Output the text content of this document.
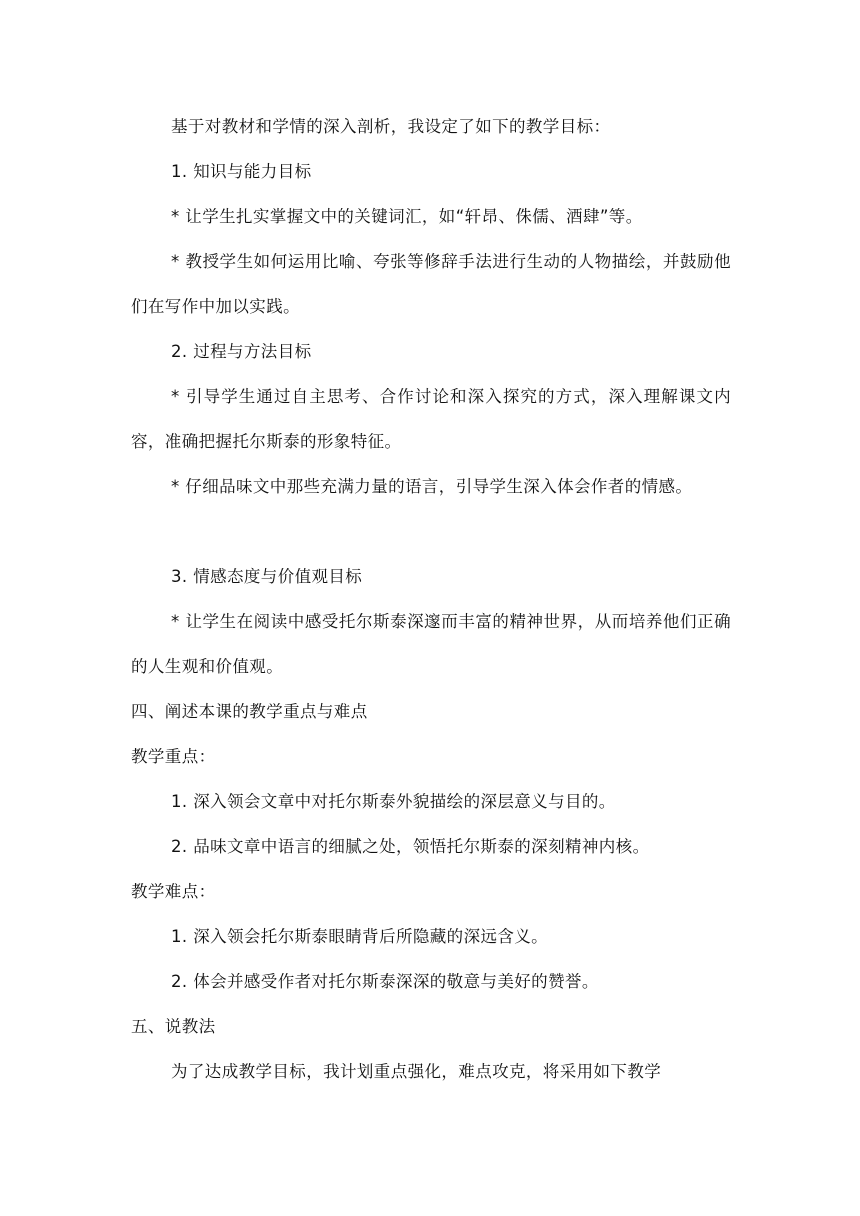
基于对教材和学情的深入剖析，我设定了如下的教学目标：

1. 知识与能力目标

* 让学生扎实掌握文中的关键词汇，如“轩昂、侏儒、酒肆”等。

* 教授学生如何运用比喻、夸张等修辞手法进行生动的人物描绘，并鼓励他们在写作中加以实践。

2. 过程与方法目标

* 引导学生通过自主思考、合作讨论和深入探究的方式，深入理解课文内容，准确把握托尔斯泰的形象特征。

* 仔细品味文中那些充满力量的语言，引导学生深入体会作者的情感。

3. 情感态度与价值观目标

* 让学生在阅读中感受托尔斯泰深邃而丰富的精神世界，从而培养他们正确的人生观和价值观。

四、阐述本课的教学重点与难点

教学重点：

1. 深入领会文章中对托尔斯泰外貌描绘的深层意义与目的。

2. 品味文章中语言的细腻之处，领悟托尔斯泰的深刻精神内核。

教学难点：

1. 深入领会托尔斯泰眼睛背后所隐藏的深远含义。

2. 体会并感受作者对托尔斯泰深深的敬意与美好的赞誉。

五、说教法

为了达成教学目标，我计划重点强化，难点攻克，将采用如下教学
